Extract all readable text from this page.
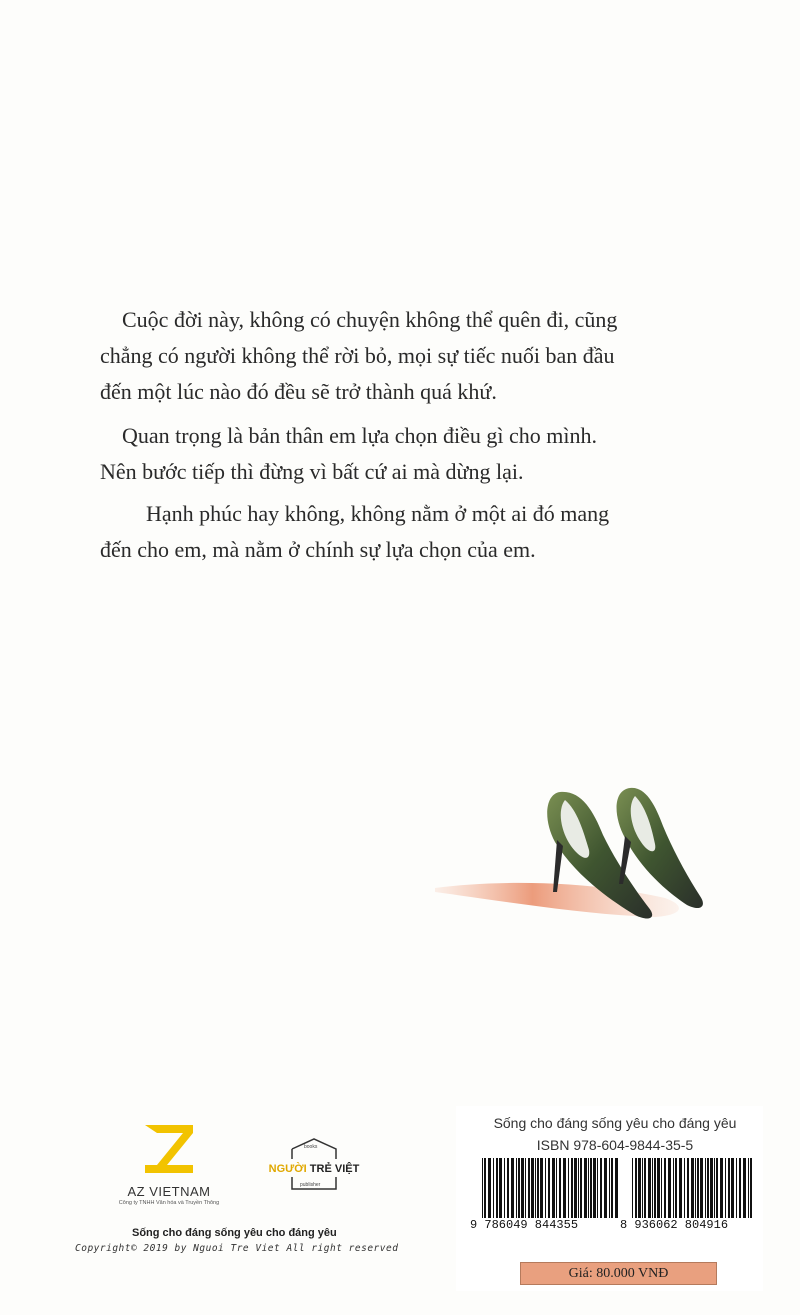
Cuộc đời này, không có chuyện không thể quên đi, cũng
chẳng có người không thể rời bỏ, mọi sự tiếc nuối ban đầu
đến một lúc nào đó đều sẽ trở thành quá khứ.

Quan trọng là bản thân em lựa chọn điều gì cho mình.
Nên bước tiếp thì đừng vì bất cứ ai mà dừng lại.

Hạnh phúc hay không, không nằm ở một ai đó mang
đến cho em, mà nằm ở chính sự lựa chọn của em.

AZ VIETNAM
Công ty TNHH Văn hóa và Truyền Thông
books
NGƯỜI TRẺ VIỆT
publisher
Sống cho đáng sống yêu cho đáng yêu
Copyright© 2019 by Nguoi Tre Viet All right reserved
Sống cho đáng sống yêu cho đáng yêu
ISBN 978-604-9844-35-5
9 786049 844355	8 936062 804916
Giá: 80.000 VNĐ
